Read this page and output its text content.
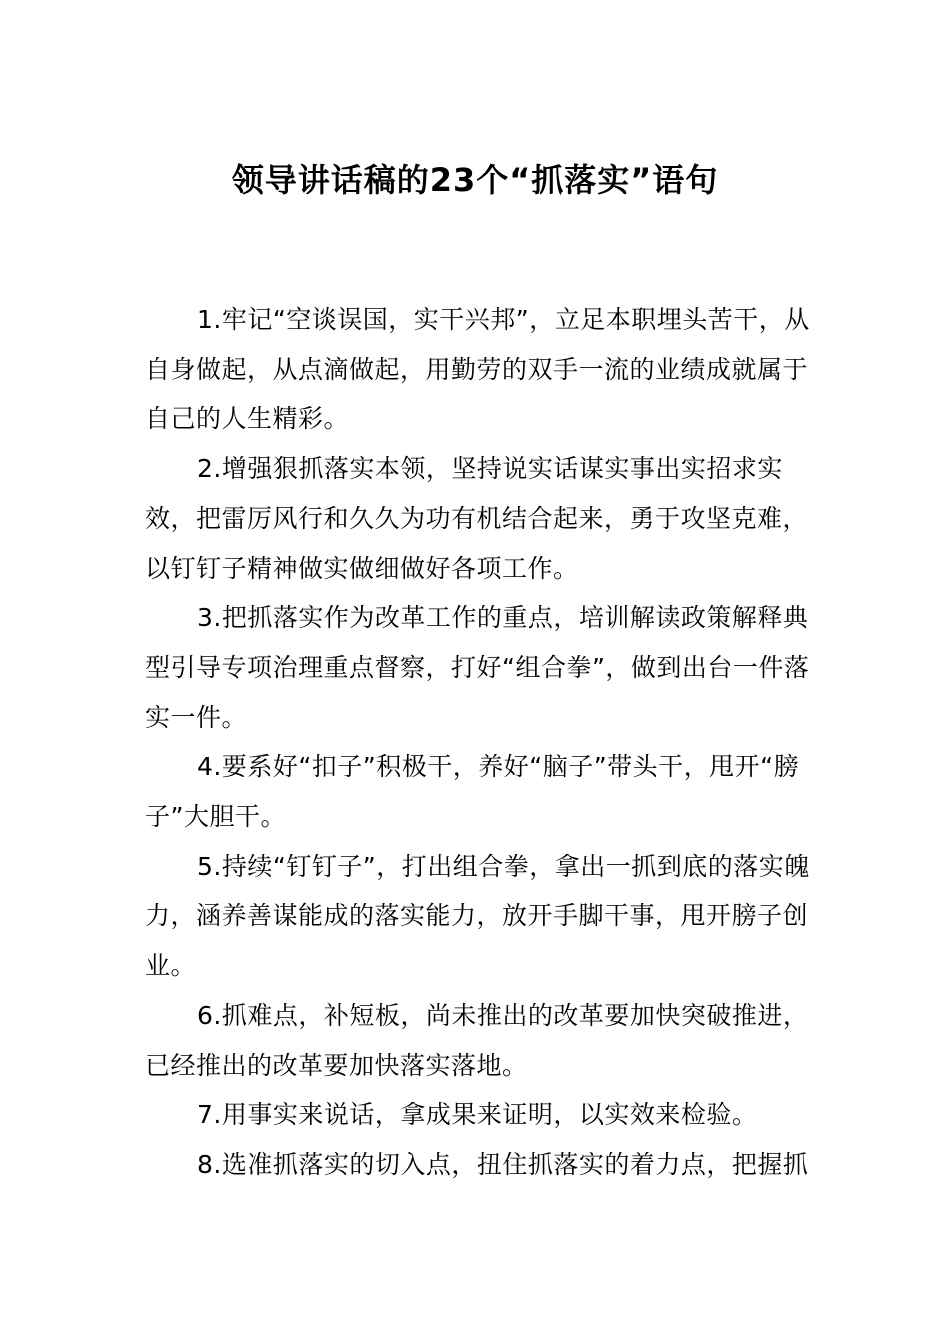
领导讲话稿的23个“抓落实”语句

1.牢记“空谈误国，实干兴邦”，立足本职埋头苦干，从自身做起，从点滴做起，用勤劳的双手一流的业绩成就属于自己的人生精彩。

2.增强狠抓落实本领，坚持说实话谋实事出实招求实效，把雷厉风行和久久为功有机结合起来，勇于攻坚克难，以钉钉子精神做实做细做好各项工作。

3.把抓落实作为改革工作的重点，培训解读政策解释典型引导专项治理重点督察，打好“组合拳”，做到出台一件落实一件。

4.要系好“扣子”积极干，养好“脑子”带头干，甩开“膀子”大胆干。

5.持续“钉钉子”，打出组合拳，拿出一抓到底的落实魄力，涵养善谋能成的落实能力，放开手脚干事，甩开膀子创业。

6.抓难点，补短板，尚未推出的改革要加快突破推进，已经推出的改革要加快落实落地。

7.用事实来说话，拿成果来证明，以实效来检验。

8.选准抓落实的切入点，扭住抓落实的着力点，把握抓
